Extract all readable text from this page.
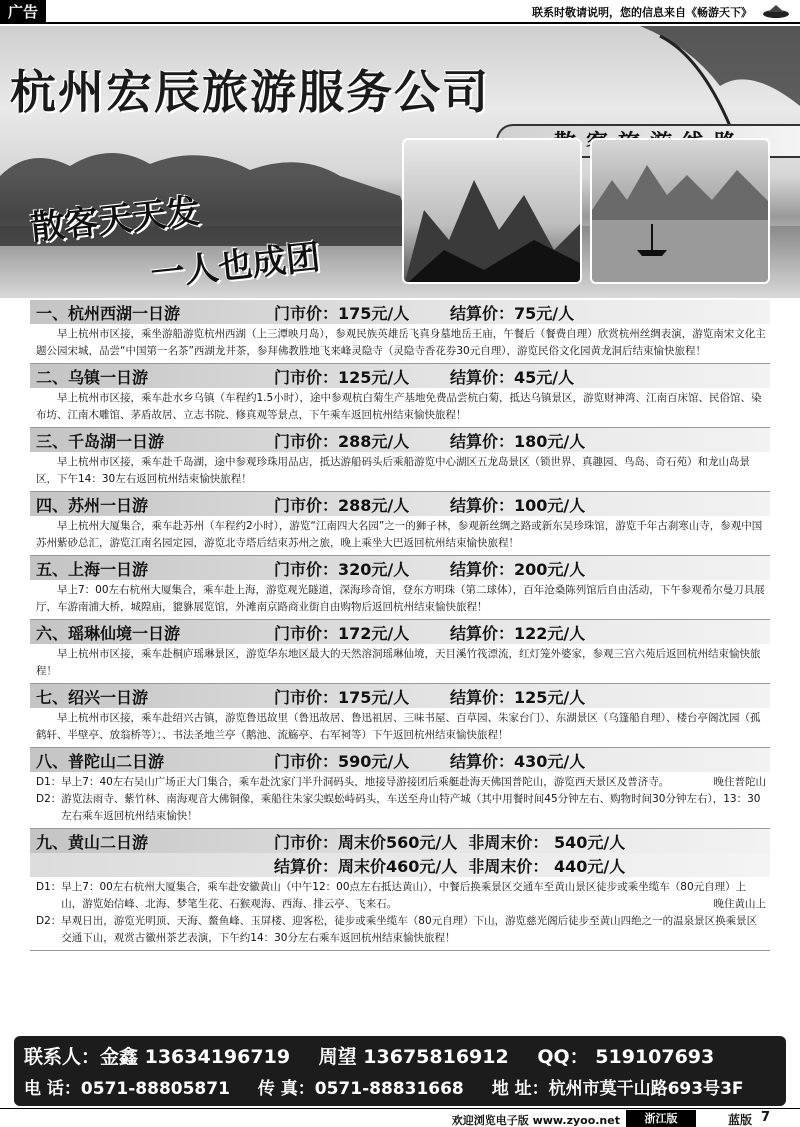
广告	联系时敬请说明，您的信息来自《畅游天下》
杭州宏辰旅游服务公司
散客天天发
一人也成团
一、杭州西湖一日游	门市价：175元/人	结算价：75元/人
早上杭州市区接，乘坐游船游览杭州西湖（上三潭映月岛），参观民族英雄岳飞真身墓地岳王庙，午餐后（餐费自理）欣赏杭州丝绸表演，游览南宋文化主题公园宋城，品尝“中国第一名茶”西湖龙井茶，参拜佛教胜地飞来峰灵隐寺（灵隐寺香花券30元自理），游览民俗文化园黄龙洞后结束愉快旅程！
二、乌镇一日游	门市价：125元/人	结算价：45元/人
早上杭州市区接，乘车赴水乡乌镇（车程约1.5小时），途中参观杭白菊生产基地免费品尝杭白菊，抵达乌镇景区，游览财神湾、江南百床馆、民俗馆、染布坊、江南木雕馆、茅盾故居、立志书院、修真观等景点，下午乘车返回杭州结束愉快旅程！
三、千岛湖一日游	门市价：288元/人	结算价：180元/人
早上杭州市区接，乘车赴千岛湖，途中参观珍珠用品店，抵达游船码头后乘船游览中心湖区五龙岛景区（锁世界、真趣园、鸟岛、奇石苑）和龙山岛景区，下午14：30左右返回杭州结束愉快旅程！
四、苏州一日游	门市价：288元/人	结算价：100元/人
早上杭州大厦集合，乘车赴苏州（车程约2小时），游览“江南四大名园”之一的狮子林，参观新丝绸之路或新东吴珍珠馆，游览千年古刹寒山寺，参观中国苏州紫砂总汇，游览江南名园定园，游览北寺塔后结束苏州之旅，晚上乘坐大巴返回杭州结束愉快旅程！
五、上海一日游	门市价：320元/人	结算价：200元/人
早上7：00左右杭州大厦集合，乘车赴上海，游览观光隧道，深海珍奇馆，登东方明珠（第二球体），百年沧桑陈列馆后自由活动，下午参观希尔曼刀具展厅，车游南浦大桥，城隍庙，貔貅展览馆，外滩南京路商业街自由购物后返回杭州结束愉快旅程！
六、瑶琳仙境一日游	门市价：172元/人	结算价：122元/人
早上杭州市区接，乘车赴桐庐瑶琳景区，游览华东地区最大的天然溶洞瑶琳仙境，天目溪竹筏漂流，红灯笼外婆家，参观三宫六苑后返回杭州结束愉快旅程！
七、绍兴一日游	门市价：175元/人	结算价：125元/人
早上杭州市区接，乘车赴绍兴古镇，游览鲁迅故里（鲁迅故居、鲁迅祖居、三味书屋、百草园、朱家台门）、东湖景区（乌篷船自理）、楼台亭阁沈园（孤鹤轩、半壁亭、放翁桥等）；、书法圣地兰亭（鹅池、流觞亭、右军祠等）下午返回杭州结束愉快旅程！
八、普陀山二日游	门市价：590元/人	结算价：430元/人
D1： 早上7：40左右吴山广场正大门集合，乘车赴沈家门半升洞码头，地接导游接团后乘艇赴海天佛国普陀山，游览西天景区及普济寺。	晚住普陀山
D2： 游览法雨寺、紫竹林、南海观音大佛铜像，乘船往朱家尖蜈蚣峙码头，车送至舟山特产城（其中用餐时间45分钟左右、购物时间30分钟左右），13：30左右乘车返回杭州结束愉快！
九、黄山二日游	门市价：周末价560元/人 非周末价： 540元/人
结算价：周末价460元/人 非周末价： 440元/人
D1： 早上7：00左右杭州大厦集合，乘车赴安徽黄山（中午12：00点左右抵达黄山），中餐后换乘景区交通车至黄山景区徒步或乘坐缆车（80元自理）上山，游览始信峰、北海、梦笔生花、石猴观海、西海、排云亭、飞来石。	晚住黄山上
D2： 早观日出，游览光明顶、天海、鳌鱼峰、玉屏楼、迎客松，徒步或乘坐缆车（80元自理）下山，游览慈光阁后徒步至黄山四绝之一的温泉景区换乘景区交通下山，观赏古徽州茶艺表演，下午约14：30分左右乘车返回杭州结束愉快旅程！
联系人：金鑫 13634196719 周望 13675816912 QQ： 519107693
电 话：0571-88805871 传 真：0571-88831668 地 址：杭州市莫干山路693号3F
欢迎浏览电子版 www.zyoo.net	浙江版	蓝版 7
